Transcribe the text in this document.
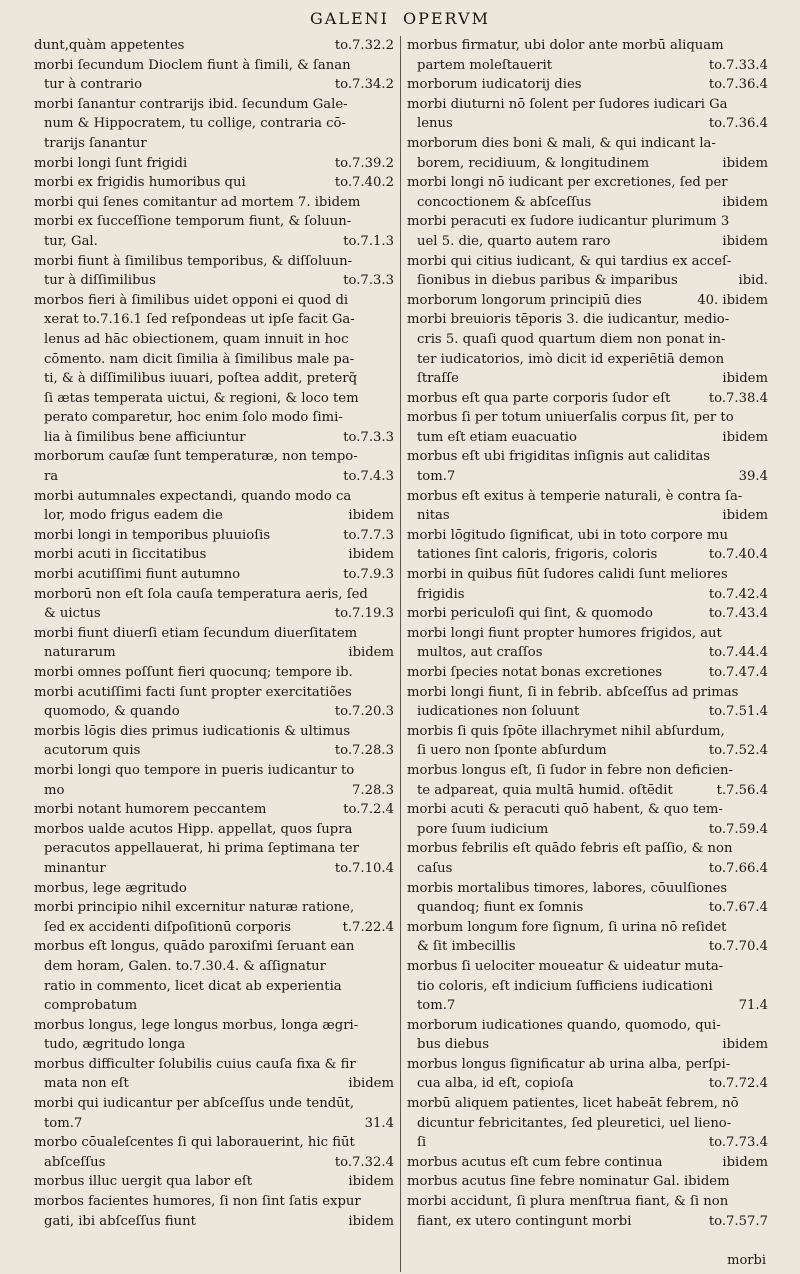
GALENI OPERVM
dunt,quàm appetentes	to.7.32.2
morbi ſecundum Dioclem fiunt à ſimili, & ſanan
tur à contrario	to.7.34.2
morbi ſanantur contrarijs ibid. ſecundum Gale-
num & Hippocratem, tu collige, contraria cō-
trarijs ſanantur
morbi longi ſunt frigidi	to.7.39.2
morbi ex frigidis humoribus qui	to.7.40.2
morbi qui ſenes comitantur ad mortem 7. ibidem
morbi ex ſucceſſione temporum fiunt, & ſoluun-
tur, Gal.	to.7.1.3
morbi fiunt à ſimilibus temporibus, & diſſoluun-
tur à diſſimilibus	to.7.3.3
morbos fieri à ſimilibus uidet opponi ei quod di
xerat to.7.16.1 ſed reſpondeas ut ipſe facit Ga-
lenus ad hāc obiectionem, quam innuit in hoc
cōmento. nam dicit ſimilia à ſimilibus male pa-
ti, & à diſſimilibus iuuari, poſtea addit, preterq̃
ſi ætas temperata uictui, & regioni, & loco tem
perato comparetur, hoc enim ſolo modo ſimi-
lia à ſimilibus bene afficiuntur	to.7.3.3
morborum cauſæ ſunt temperaturæ, non tempo-
ra	to.7.4.3
morbi autumnales expectandi, quando modo ca
lor, modo frigus eadem die	ibidem
morbi longi in temporibus pluuioſis	to.7.7.3
morbi acuti in ſiccitatibus	ibidem
morbi acutiſſimi fiunt autumno	to.7.9.3
morborū non eſt ſola cauſa temperatura aeris, ſed
& uictus	to.7.19.3
morbi fiunt diuerſi etiam ſecundum diuerſitatem
naturarum	ibidem
morbi omnes poſſunt fieri quocunq; tempore ib.
morbi acutiſſimi facti ſunt propter exercitatiões
quomodo, & quando	to.7.20.3
morbis lōgis dies primus iudicationis & ultimus
acutorum quis	to.7.28.3
morbi longi quo tempore in pueris iudicantur to
mo	7.28.3
morbi notant humorem peccantem	to.7.2.4
morbos ualde acutos Hipp. appellat, quos ſupra
peracutos appellauerat, hi prima ſeptimana ter
minantur	to.7.10.4
morbus, lege ægritudo
morbi principio nihil excernitur naturæ ratione,
ſed ex accidenti diſpoſitionū corporis	t.7.22.4
morbus eſt longus, quādo paroxiſmi ſeruant ean
dem horam, Galen. to.7.30.4. & aſſignatur
ratio in commento, licet dicat ab experientia
comprobatum
morbus longus, lege longus morbus, longa ægri-
tudo, ægritudo longa
morbus difficulter ſolubilis cuius cauſa fixa & fir
mata non eſt	ibidem
morbi qui iudicantur per abſceſſus unde tendūt,
tom.7	31.4
morbo cōualeſcentes ſi qui laborauerint, hic fiūt
abſceſſus	to.7.32.4
morbus illuc uergit qua labor eſt	ibidem
morbos facientes humores, ſi non ſint ſatis expur
gati, ibi abſceſſus fiunt	ibidem
morbus firmatur, ubi dolor ante morbū aliquam
partem moleſtauerit	to.7.33.4
morborum iudicatorij dies	to.7.36.4
morbi diuturni nō ſolent per ſudores iudicari Ga
lenus	to.7.36.4
morborum dies boni & mali, & qui indicant la-
borem, recidiuum, & longitudinem	ibidem
morbi longi nō iudicant per excretiones, ſed per
concoctionem & abſceſſus	ibidem
morbi peracuti ex ſudore iudicantur plurimum 3
uel 5. die, quarto autem raro	ibidem
morbi qui citius iudicant, & qui tardius ex acceſ-
ſionibus in diebus paribus & imparibus	ibid.
morborum longorum principiū dies	40. ibidem
morbi breuioris tēporis 3. die iudicantur, medio-
cris 5. quaſi quod quartum diem non ponat in-
ter iudicatorios, imò dicit id experiētiā demon
ſtraſſe	ibidem
morbus eſt qua parte corporis ſudor eſt	to.7.38.4
morbus ſi per totum uniuerſalis corpus ſit, per to
tum eſt etiam euacuatio	ibidem
morbus eſt ubi frigiditas inſignis aut caliditas
tom.7	39.4
morbus eſt exitus à temperie naturali, è contra ſa-
nitas	ibidem
morbi lōgitudo ſignificat, ubi in toto corpore mu
tationes ſint caloris, frigoris, coloris	to.7.40.4
morbi in quibus fiūt ſudores calidi ſunt meliores
frigidis	to.7.42.4
morbi periculoſi qui ſint, & quomodo	to.7.43.4
morbi longi fiunt propter humores frigidos, aut
multos, aut craſſos	to.7.44.4
morbi ſpecies notat bonas excretiones	to.7.47.4
morbi longi fiunt, ſi in febrib. abſceſſus ad primas
iudicationes non ſoluunt	to.7.51.4
morbis ſi quis ſpōte illachrymet nihil abſurdum,
ſi uero non ſponte abſurdum	to.7.52.4
morbus longus eſt, ſi ſudor in febre non deficien-
te adpareat, quia multā humid. oſtēdit	t.7.56.4
morbi acuti & peracuti quō habent, & quo tem-
pore ſuum iudicium	to.7.59.4
morbus febrilis eſt quādo febris eſt paſſio, & non
caſus	to.7.66.4
morbis mortalibus timores, labores, cōuulſiones
quandoq; fiunt ex ſomnis	to.7.67.4
morbum longum fore ſignum, ſi urina nō reſidet
& ſit imbecillis	to.7.70.4
morbus ſi uelociter moueatur & uideatur muta-
tio coloris, eſt indicium ſufficiens iudicationi
tom.7	71.4
morborum iudicationes quando, quomodo, qui-
bus diebus	ibidem
morbus longus ſignificatur ab urina alba, perſpi-
cua alba, id eſt, copioſa	to.7.72.4
morbū aliquem patientes, licet habeāt febrem, nō
dicuntur febricitantes, ſed pleuretici, uel lieno-
ſi	to.7.73.4
morbus acutus eſt cum febre continua	ibidem
morbus acutus ſine febre nominatur Gal. ibidem
morbi accidunt, ſi plura menſtrua fiant, & ſi non
fiant, ex utero contingunt morbi	to.7.57.7
morbi
